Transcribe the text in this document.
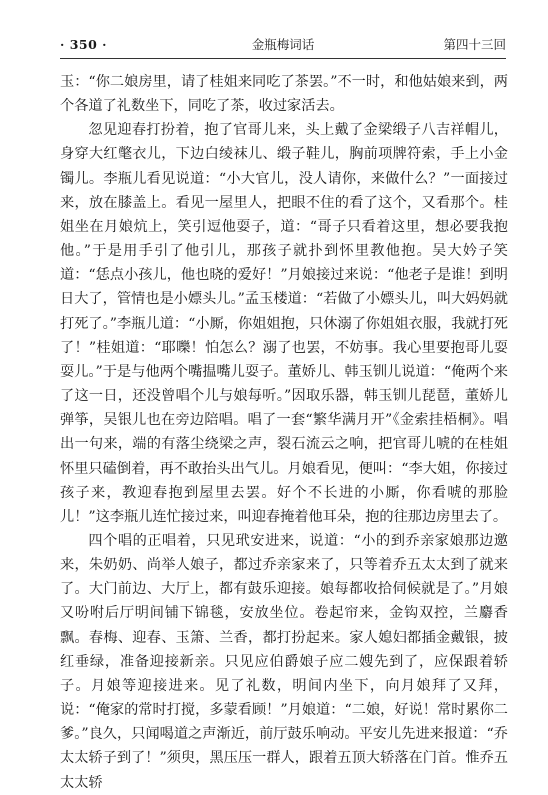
· 350 ·	金瓶梅词话	第四十三回

玉：“你二娘房里，请了桂姐来同吃了茶罢。”不一时，和他姑娘来到，两个各道了礼数坐下，同吃了茶，收过家活去。

忽见迎春打扮着，抱了官哥儿来，头上戴了金梁缎子八吉祥帽儿，身穿大红氅衣儿，下边白绫袜儿、缎子鞋儿，胸前项牌符索，手上小金镯儿。李瓶儿看见说道：“小大官儿，没人请你，来做什么？”一面接过来，放在膝盖上。看见一屋里人，把眼不住的看了这个，又看那个。桂姐坐在月娘炕上，笑引逗他耍子，道：“哥子只看着这里，想必要我抱他。”于是用手引了他引儿，那孩子就扑到怀里教他抱。吴大妗子笑道：“恁点小孩儿，他也晓的爱好！”月娘接过来说：“他老子是谁！到明日大了，管情也是小嫖头儿。”孟玉楼道：“若做了小嫖头儿，叫大妈妈就打死了。”李瓶儿道：“小厮，你姐姐抱，只休溺了你姐姐衣服，我就打死了！”桂姐道：“耶嚛！怕怎么？溺了也罢，不妨事。我心里要抱哥儿耍耍儿。”于是与他两个嘴揾嘴儿耍子。董娇儿、韩玉钏儿说道：“俺两个来了这一日，还没曾唱个儿与娘每听。”因取乐器，韩玉钏儿琵琶，董娇儿弹筝，吴银儿也在旁边陪唱。唱了一套“繁华满月开”《金索挂梧桐》。唱出一句来，端的有落尘绕梁之声，裂石流云之响，把官哥儿唬的在桂姐怀里只磕倒着，再不敢抬头出气儿。月娘看见，便叫：“李大姐，你接过孩子来，教迎春抱到屋里去罢。好个不长进的小厮，你看唬的那脸儿！”这李瓶儿连忙接过来，叫迎春掩着他耳朵，抱的往那边房里去了。

四个唱的正唱着，只见玳安进来，说道：“小的到乔亲家娘那边邀来，朱奶奶、尚举人娘子，都过乔亲家来了，只等着乔五太太到了就来了。大门前边、大厅上，都有鼓乐迎接。娘每都收拾伺候就是了。”月娘又吩咐后厅明间铺下锦毯，安放坐位。卷起帘来，金钩双控，兰麝香飘。春梅、迎春、玉箫、兰香，都打扮起来。家人媳妇都插金戴银，披红垂绿，准备迎接新亲。只见应伯爵娘子应二嫂先到了，应保跟着轿子。月娘等迎接进来。见了礼数，明间内坐下，向月娘拜了又拜，说：“俺家的常时打搅，多蒙看顾！”月娘道：“二娘，好说！常时累你二爹。”良久，只闻喝道之声渐近，前厅鼓乐响动。平安儿先进来报道：“乔太太轿子到了！”须臾，黑压压一群人，跟着五顶大轿落在门首。惟乔五太太轿
